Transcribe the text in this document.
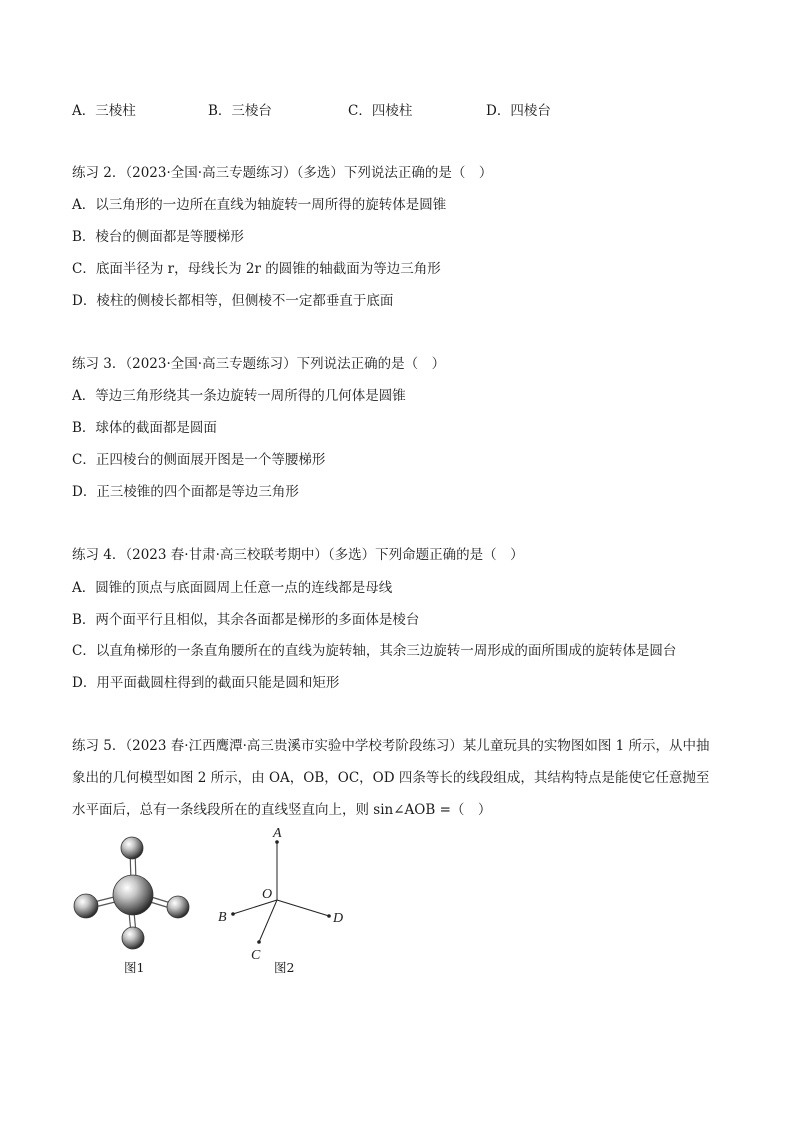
A．三棱柱	B．三棱台	C．四棱柱	D．四棱台
练习 2．（2023·全国·高三专题练习）（多选）下列说法正确的是（　）
A．以三角形的一边所在直线为轴旋转一周所得的旋转体是圆锥
B．棱台的侧面都是等腰梯形
C．底面半径为 r，母线长为 2r 的圆锥的轴截面为等边三角形
D．棱柱的侧棱长都相等，但侧棱不一定都垂直于底面
练习 3．（2023·全国·高三专题练习）下列说法正确的是（　）
A．等边三角形绕其一条边旋转一周所得的几何体是圆锥
B．球体的截面都是圆面
C．正四棱台的侧面展开图是一个等腰梯形
D．正三棱锥的四个面都是等边三角形
练习 4．（2023 春·甘肃·高三校联考期中）（多选）下列命题正确的是（　）
A．圆锥的顶点与底面圆周上任意一点的连线都是母线
B．两个面平行且相似，其余各面都是梯形的多面体是棱台
C．以直角梯形的一条直角腰所在的直线为旋转轴，其余三边旋转一周形成的面所围成的旋转体是圆台
D．用平面截圆柱得到的截面只能是圆和矩形
练习 5．（2023 春·江西鹰潭·高三贵溪市实验中学校考阶段练习）某儿童玩具的实物图如图 1 所示，从中抽
象出的几何模型如图 2 所示，由 OA，OB，OC，OD 四条等长的线段组成，其结构特点是能使它任意抛至
水平面后，总有一条线段所在的直线竖直向上，则 sin∠AOB =（　）
图1
A
O
B
C
D
图2
